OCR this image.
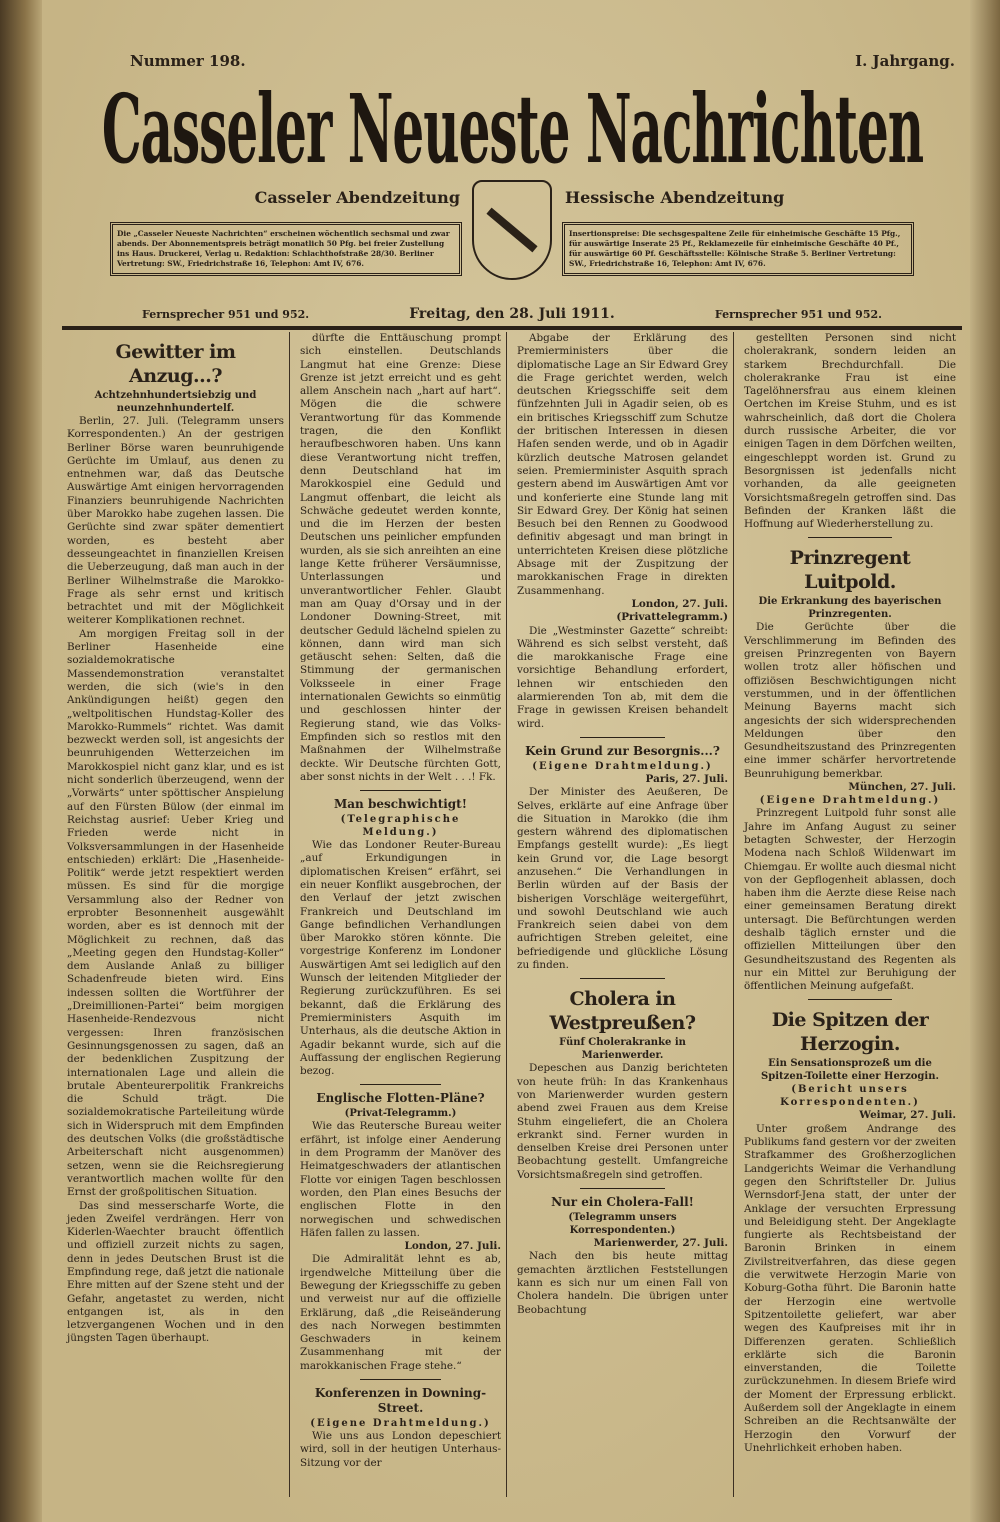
Nummer 198.	I. Jahrgang.
Casseler Neueste Nachrichten
Casseler Abendzeitung	Hessische Abendzeitung
Die „Casseler Neueste Nachrichten“ erscheinen wöchentlich sechsmal und zwar abends. Der Abonnementspreis beträgt monatlich 50 Pfg. bei freier Zustellung ins Haus. Druckerei, Verlag u. Redaktion: Schlachthofstraße 28/30. Berliner Vertretung: SW., Friedrichstraße 16, Telephon: Amt IV, 676.
Insertionspreise: Die sechsgespaltene Zeile für einheimische Geschäfte 15 Pfg., für auswärtige Inserate 25 Pf., Reklamezeile für einheimische Geschäfte 40 Pf., für auswärtige 60 Pf. Geschäftsstelle: Kölnische Straße 5. Berliner Vertretung: SW., Friedrichstraße 16, Telephon: Amt IV, 676.
Fernsprecher 951 und 952.	Freitag, den 28. Juli 1911.	Fernsprecher 951 und 952.
Gewitter im Anzug...?
Achtzehnhundertsiebzig und neunzehnhundertelf.

Berlin, 27. Juli. (Telegramm unsers Korrespondenten.) An der gestrigen Berliner Börse waren beunruhigende Gerüchte im Umlauf, aus denen zu entnehmen war, daß das Deutsche Auswärtige Amt einigen hervorragenden Finanziers beunruhigende Nachrichten über Marokko habe zugehen lassen. Die Gerüchte sind zwar später dementiert worden, es besteht aber desseungeachtet in finanziellen Kreisen die Ueberzeugung, daß man auch in der Berliner Wilhelmstraße die Marokko-Frage als sehr ernst und kritisch betrachtet und mit der Möglichkeit weiterer Komplikationen rechnet.

Am morgigen Freitag soll in der Berliner Hasenheide eine sozialdemokratische Massendemonstration veranstaltet werden, die sich (wie's in den Ankündigungen heißt) gegen den „weltpolitischen Hundstag-Koller des Marokko-Rummels“ richtet. Was damit bezweckt werden soll, ist angesichts der beunruhigenden Wetterzeichen im Marokkospiel nicht ganz klar, und es ist nicht sonderlich überzeugend, wenn der „Vorwärts“ unter spöttischer Anspielung auf den Fürsten Bülow (der einmal im Reichstag ausrief: Ueber Krieg und Frieden werde nicht in Volksversammlungen in der Hasenheide entschieden) erklärt: Die „Hasenheide-Politik“ werde jetzt respektiert werden müssen. Es sind für die morgige Versammlung also der Redner von erprobter Besonnenheit ausgewählt worden, aber es ist dennoch mit der Möglichkeit zu rechnen, daß das „Meeting gegen den Hundstag-Koller“ dem Auslande Anlaß zu billiger Schadenfreude bieten wird. Eins indessen sollten die Wortführer der „Dreimillionen-Partei“ beim morgigen Hasenheide-Rendezvous nicht vergessen: Ihren französischen Gesinnungsgenossen zu sagen, daß an der bedenklichen Zuspitzung der internationalen Lage und allein die brutale Abenteurerpolitik Frankreichs die Schuld trägt. Die sozialdemokratische Parteileitung würde sich in Widerspruch mit dem Empfinden des deutschen Volks (die großstädtische Arbeiterschaft nicht ausgenommen) setzen, wenn sie die Reichsregierung verantwortlich machen wollte für den Ernst der großpolitischen Situation.

Das sind messerscharfe Worte, die jeden Zweifel verdrängen. Herr von Kiderlen-Waechter braucht öffentlich und offiziell zurzeit nichts zu sagen, denn in jedes Deutschen Brust ist die Empfindung rege, daß jetzt die nationale Ehre mitten auf der Szene steht und der Gefahr, angetastet zu werden, nicht entgangen ist, als in den letzvergangenen Wochen und in den jüngsten Tagen überhaupt.

dürfte die Enttäuschung prompt sich einstellen. Deutschlands Langmut hat eine Grenze: Diese Grenze ist jetzt erreicht und es geht allem Anschein nach „hart auf hart“. Mögen die die schwere Verantwortung für das Kommende tragen, die den Konflikt heraufbeschworen haben. Uns kann diese Verantwortung nicht treffen, denn Deutschland hat im Marokkospiel eine Geduld und Langmut offenbart, die leicht als Schwäche gedeutet werden konnte, und die im Herzen der besten Deutschen uns peinlicher empfunden wurden, als sie sich anreihten an eine lange Kette früherer Versäumnisse, Unterlassungen und unverantwortlicher Fehler. Glaubt man am Quay d'Orsay und in der Londoner Downing-Street, mit deutscher Geduld lächelnd spielen zu können, dann wird man sich getäuscht sehen: Selten, daß die Stimmung der germanischen Volksseele in einer Frage internationalen Gewichts so einmütig und geschlossen hinter der Regierung stand, wie das Volks-Empfinden sich so restlos mit den Maßnahmen der Wilhelmstraße deckte. Wir Deutsche fürchten Gott, aber sonst nichts in der Welt . . .! Fk.

Man beschwichtigt!
(Telegraphische Meldung.)

Wie das Londoner Reuter-Bureau „auf Erkundigungen in diplomatischen Kreisen“ erfährt, sei ein neuer Konflikt ausgebrochen, der den Verlauf der jetzt zwischen Frankreich und Deutschland im Gange befindlichen Verhandlungen über Marokko stören könnte. Die vorgestrige Konferenz im Londoner Auswärtigen Amt sei lediglich auf den Wunsch der leitenden Mitglieder der Regierung zurückzuführen. Es sei bekannt, daß die Erklärung des Premierministers Asquith im Unterhaus, als die deutsche Aktion in Agadir bekannt wurde, sich auf die Auffassung der englischen Regierung bezog.

Englische Flotten-Pläne?
(Privat-Telegramm.)

Wie das Reutersche Bureau weiter erfährt, ist infolge einer Aenderung in dem Programm der Manöver des Heimatgeschwaders der atlantischen Flotte vor einigen Tagen beschlossen worden, den Plan eines Besuchs der englischen Flotte in den norwegischen und schwedischen Häfen fallen zu lassen.

London, 27. Juli.

Die Admiralität lehnt es ab, irgendwelche Mitteilung über die Bewegung der Kriegsschiffe zu geben und verweist nur auf die offizielle Erklärung, daß „die Reiseänderung des nach Norwegen bestimmten Geschwaders in keinem Zusammenhang mit der marokkanischen Frage stehe.“

Konferenzen in Downing-Street.
(Eigene Drahtmeldung.)

Wie uns aus London depeschiert wird, soll in der heutigen Unterhaus-Sitzung vor der

Abgabe der Erklärung des Premierministers über die diplomatische Lage an Sir Edward Grey die Frage gerichtet werden, welch deutschen Kriegsschiffe seit dem fünfzehnten Juli in Agadir seien, ob es ein britisches Kriegsschiff zum Schutze der britischen Interessen in diesen Hafen senden werde, und ob in Agadir kürzlich deutsche Matrosen gelandet seien. Premierminister Asquith sprach gestern abend im Auswärtigen Amt vor und konferierte eine Stunde lang mit Sir Edward Grey. Der König hat seinen Besuch bei den Rennen zu Goodwood definitiv abgesagt und man bringt in unterrichteten Kreisen diese plötzliche Absage mit der Zuspitzung der marokkanischen Frage in direkten Zusammenhang.

London, 27. Juli. (Privattelegramm.)

Die „Westminster Gazette“ schreibt: Während es sich selbst versteht, daß die marokkanische Frage eine vorsichtige Behandlung erfordert, lehnen wir entschieden den alarmierenden Ton ab, mit dem die Frage in gewissen Kreisen behandelt wird.

Kein Grund zur Besorgnis...?
(Eigene Drahtmeldung.)
Paris, 27. Juli.

Der Minister des Aeußeren, De Selves, erklärte auf eine Anfrage über die Situation in Marokko (die ihm gestern während des diplomatischen Empfangs gestellt wurde): „Es liegt kein Grund vor, die Lage besorgt anzusehen.“ Die Verhandlungen in Berlin würden auf der Basis der bisherigen Vorschläge weitergeführt, und sowohl Deutschland wie auch Frankreich seien dabei von dem aufrichtigen Streben geleitet, eine befriedigende und glückliche Lösung zu finden.

Cholera in Westpreußen?
Fünf Cholerakranke in Marienwerder.

Depeschen aus Danzig berichteten von heute früh: In das Krankenhaus von Marienwerder wurden gestern abend zwei Frauen aus dem Kreise Stuhm eingeliefert, die an Cholera erkrankt sind. Ferner wurden in denselben Kreise drei Personen unter Beobachtung gestellt. Umfangreiche Vorsichtsmaßregeln sind getroffen.

Nur ein Cholera-Fall!
(Telegramm unsers Korrespondenten.)
Marienwerder, 27. Juli.

Nach den bis heute mittag gemachten ärztlichen Feststellungen kann es sich nur um einen Fall von Cholera handeln. Die übrigen unter Beobachtung

gestellten Personen sind nicht cholerakrank, sondern leiden an starkem Brechdurchfall. Die cholerakranke Frau ist eine Tagelöhnersfrau aus einem kleinen Oertchen im Kreise Stuhm, und es ist wahrscheinlich, daß dort die Cholera durch russische Arbeiter, die vor einigen Tagen in dem Dörfchen weilten, eingeschleppt worden ist. Grund zu Besorgnissen ist jedenfalls nicht vorhanden, da alle geeigneten Vorsichtsmaßregeln getroffen sind. Das Befinden der Kranken läßt die Hoffnung auf Wiederherstellung zu.

Prinzregent Luitpold.
Die Erkrankung des bayerischen Prinzregenten.

Die Gerüchte über die Verschlimmerung im Befinden des greisen Prinzregenten von Bayern wollen trotz aller höfischen und offiziösen Beschwichtigungen nicht verstummen, und in der öffentlichen Meinung Bayerns macht sich angesichts der sich widersprechenden Meldungen über den Gesundheitszustand des Prinzregenten eine immer schärfer hervortretende Beunruhigung bemerkbar.

München, 27. Juli.
(Eigene Drahtmeldung.)

Prinzregent Luitpold fuhr sonst alle Jahre im Anfang August zu seiner betagten Schwester, der Herzogin Modena nach Schloß Wildenwart im Chiemgau. Er wollte auch diesmal nicht von der Gepflogenheit ablassen, doch haben ihm die Aerzte diese Reise nach einer gemeinsamen Beratung direkt untersagt. Die Befürchtungen werden deshalb täglich ernster und die offiziellen Mitteilungen über den Gesundheitszustand des Regenten als nur ein Mittel zur Beruhigung der öffentlichen Meinung aufgefaßt.

Die Spitzen der Herzogin.
Ein Sensationsprozeß um die Spitzen-Toilette einer Herzogin.
(Bericht unsers Korrespondenten.)
Weimar, 27. Juli.

Unter großem Andrange des Publikums fand gestern vor der zweiten Strafkammer des Großherzoglichen Landgerichts Weimar die Verhandlung gegen den Schriftsteller Dr. Julius Wernsdorf-Jena statt, der unter der Anklage der versuchten Erpressung und Beleidigung steht. Der Angeklagte fungierte als Rechtsbeistand der Baronin Brinken in einem Zivilstreitverfahren, das diese gegen die verwitwete Herzogin Marie von Koburg-Gotha führt. Die Baronin hatte der Herzogin eine wertvolle Spitzentoilette geliefert, war aber wegen des Kaufpreises mit ihr in Differenzen geraten. Schließlich erklärte sich die Baronin einverstanden, die Toilette zurückzunehmen. In diesem Briefe wird der Moment der Erpressung erblickt. Außerdem soll der Angeklagte in einem Schreiben an die Rechtsanwälte der Herzogin den Vorwurf der Unehrlichkeit erhoben haben.
